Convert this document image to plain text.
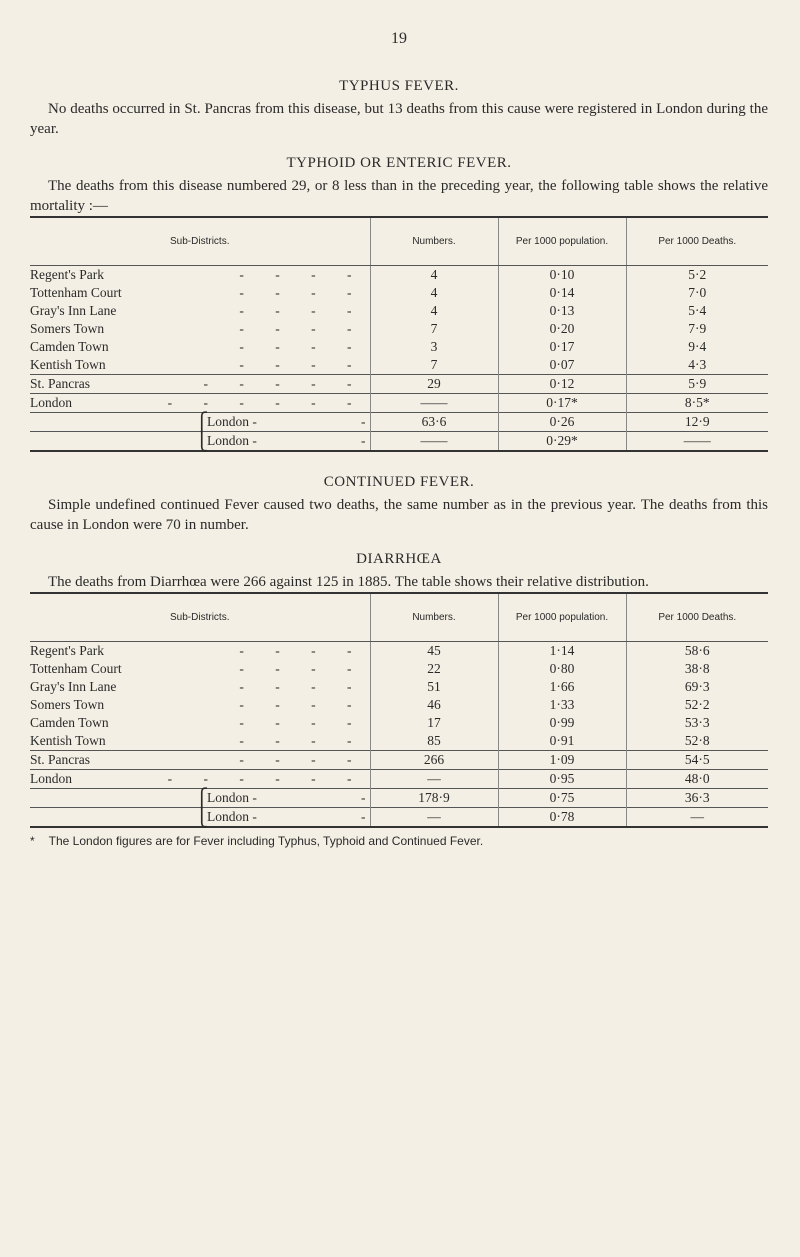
19

TYPHUS FEVER.

No deaths occurred in St. Pancras from this disease, but 13 deaths from this cause were registered in London during the year.

TYPHOID OR ENTERIC FEVER.

The deaths from this disease numbered 29, or 8 less than in the preceding year, the following table shows the relative mortality :—

Sub-Districts.	Numbers.	Per 1000 population.	Per 1000 Deaths.
Regent's Park - - - -	4	0·10	5·2
Tottenham Court - - - -	4	0·14	7·0
Gray's Inn Lane - - - -	4	0·13	5·4
Somers Town - - - -	7	0·20	7·9
Camden Town - - - -	3	0·17	9·4
Kentish Town - - - -	7	0·07	4·3
St. Pancras - - - - -	29	0·12	5·9
London - - - - - -	——	0·17*	8·5*

⎧
London - -	63·6	0·26	12·9

⎩
London - -	——	0·29*	——

CONTINUED FEVER.

Simple undefined continued Fever caused two deaths, the same number as in the previous year. The deaths from this cause in London were 70 in number.

DIARRHŒA

The deaths from Diarrhœa were 266 against 125 in 1885. The table shows their relative distribution.

Sub-Districts.	Numbers.	Per 1000 population.	Per 1000 Deaths.
Regent's Park - - - -	45	1·14	58·6
Tottenham Court - - - -	22	0·80	38·8
Gray's Inn Lane - - - -	51	1·66	69·3
Somers Town - - - -	46	1·33	52·2
Camden Town - - - -	17	0·99	53·3
Kentish Town - - - -	85	0·91	52·8
St. Pancras - - - -	266	1·09	54·5
London - - - - - -	—	0·95	48·0

⎧
London - -	178·9	0·75	36·3

⎩
London - -	—	0·78	—

* The London figures are for Fever including Typhus, Typhoid and Continued Fever.
